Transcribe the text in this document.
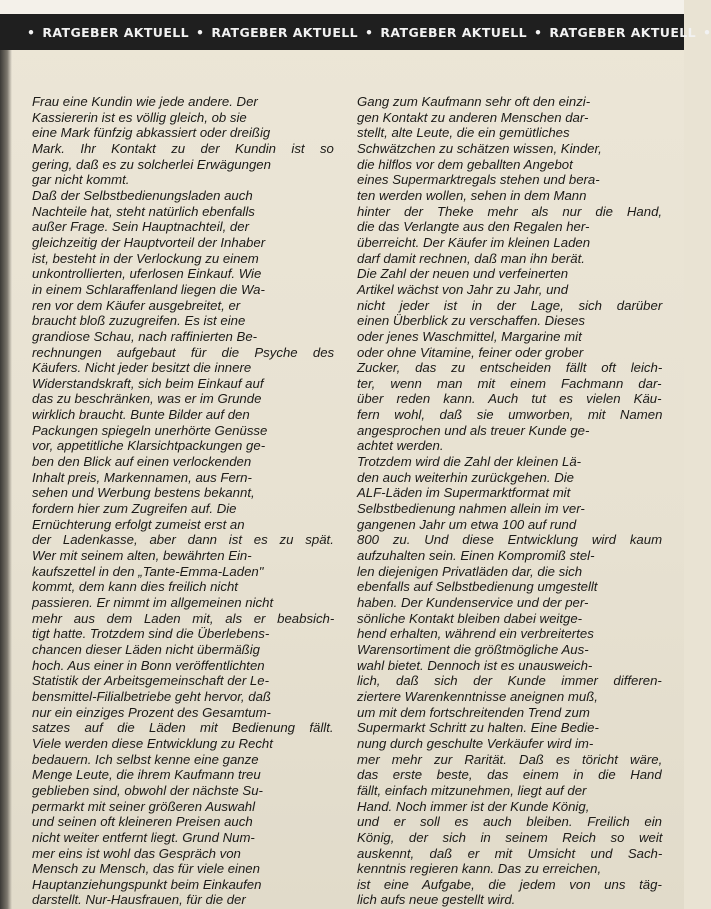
• RATGEBER AKTUELL • RATGEBER AKTUELL • RATGEBER AKTUELL • RATGEBER AKTUELL •
Frau eine Kundin wie jede andere. Der
Kassiererin ist es völlig gleich, ob sie
eine Mark fünfzig abkassiert oder dreißig
Mark. Ihr Kontakt zu der Kundin ist so
gering, daß es zu solcherlei Erwägungen
gar nicht kommt.
Daß der Selbstbedienungsladen auch
Nachteile hat, steht natürlich ebenfalls
außer Frage. Sein Hauptnachteil, der
gleichzeitig der Hauptvorteil der Inhaber
ist, besteht in der Verlockung zu einem
unkontrollierten, uferlosen Einkauf. Wie
in einem Schlaraffenland liegen die Wa-
ren vor dem Käufer ausgebreitet, er
braucht bloß zuzugreifen. Es ist eine
grandiose Schau, nach raffinierten Be-
rechnungen aufgebaut für die Psyche des
Käufers. Nicht jeder besitzt die innere
Widerstandskraft, sich beim Einkauf auf
das zu beschränken, was er im Grunde
wirklich braucht. Bunte Bilder auf den
Packungen spiegeln unerhörte Genüsse
vor, appetitliche Klarsichtpackungen ge-
ben den Blick auf einen verlockenden
Inhalt preis, Markennamen, aus Fern-
sehen und Werbung bestens bekannt,
fordern hier zum Zugreifen auf. Die
Ernüchterung erfolgt zumeist erst an
der Ladenkasse, aber dann ist es zu spät.
Wer mit seinem alten, bewährten Ein-
kaufszettel in den „Tante-Emma-Laden"
kommt, dem kann dies freilich nicht
passieren. Er nimmt im allgemeinen nicht
mehr aus dem Laden mit, als er beabsich-
tigt hatte. Trotzdem sind die Überlebens-
chancen dieser Läden nicht übermäßig
hoch. Aus einer in Bonn veröffentlichten
Statistik der Arbeitsgemeinschaft der Le-
bensmittel-Filialbetriebe geht hervor, daß
nur ein einziges Prozent des Gesamtum-
satzes auf die Läden mit Bedienung fällt.
Viele werden diese Entwicklung zu Recht
bedauern. Ich selbst kenne eine ganze
Menge Leute, die ihrem Kaufmann treu
geblieben sind, obwohl der nächste Su-
permarkt mit seiner größeren Auswahl
und seinen oft kleineren Preisen auch
nicht weiter entfernt liegt. Grund Num-
mer eins ist wohl das Gespräch von
Mensch zu Mensch, das für viele einen
Hauptanziehungspunkt beim Einkaufen
darstellt. Nur-Hausfrauen, für die der
Gang zum Kaufmann sehr oft den einzi-
gen Kontakt zu anderen Menschen dar-
stellt, alte Leute, die ein gemütliches
Schwätzchen zu schätzen wissen, Kinder,
die hilflos vor dem geballten Angebot
eines Supermarktregals stehen und bera-
ten werden wollen, sehen in dem Mann
hinter der Theke mehr als nur die Hand,
die das Verlangte aus den Regalen her-
überreicht. Der Käufer im kleinen Laden
darf damit rechnen, daß man ihn berät.
Die Zahl der neuen und verfeinerten
Artikel wächst von Jahr zu Jahr, und
nicht jeder ist in der Lage, sich darüber
einen Überblick zu verschaffen. Dieses
oder jenes Waschmittel, Margarine mit
oder ohne Vitamine, feiner oder grober
Zucker, das zu entscheiden fällt oft leich-
ter, wenn man mit einem Fachmann dar-
über reden kann. Auch tut es vielen Käu-
fern wohl, daß sie umworben, mit Namen
angesprochen und als treuer Kunde ge-
achtet werden.
Trotzdem wird die Zahl der kleinen Lä-
den auch weiterhin zurückgehen. Die
ALF-Läden im Supermarktformat mit
Selbstbedienung nahmen allein im ver-
gangenen Jahr um etwa 100 auf rund
800 zu. Und diese Entwicklung wird kaum
aufzuhalten sein. Einen Kompromiß stel-
len diejenigen Privatläden dar, die sich
ebenfalls auf Selbstbedienung umgestellt
haben. Der Kundenservice und der per-
sönliche Kontakt bleiben dabei weitge-
hend erhalten, während ein verbreitertes
Warensortiment die größtmögliche Aus-
wahl bietet. Dennoch ist es unausweich-
lich, daß sich der Kunde immer differen-
ziertere Warenkenntnisse aneignen muß,
um mit dem fortschreitenden Trend zum
Supermarkt Schritt zu halten. Eine Bedie-
nung durch geschulte Verkäufer wird im-
mer mehr zur Rarität. Daß es töricht wäre,
das erste beste, das einem in die Hand
fällt, einfach mitzunehmen, liegt auf der
Hand. Noch immer ist der Kunde König,
und er soll es auch bleiben. Freilich ein
König, der sich in seinem Reich so weit
auskennt, daß er mit Umsicht und Sach-
kenntnis regieren kann. Das zu erreichen,
ist eine Aufgabe, die jedem von uns täg-
lich aufs neue gestellt wird.
